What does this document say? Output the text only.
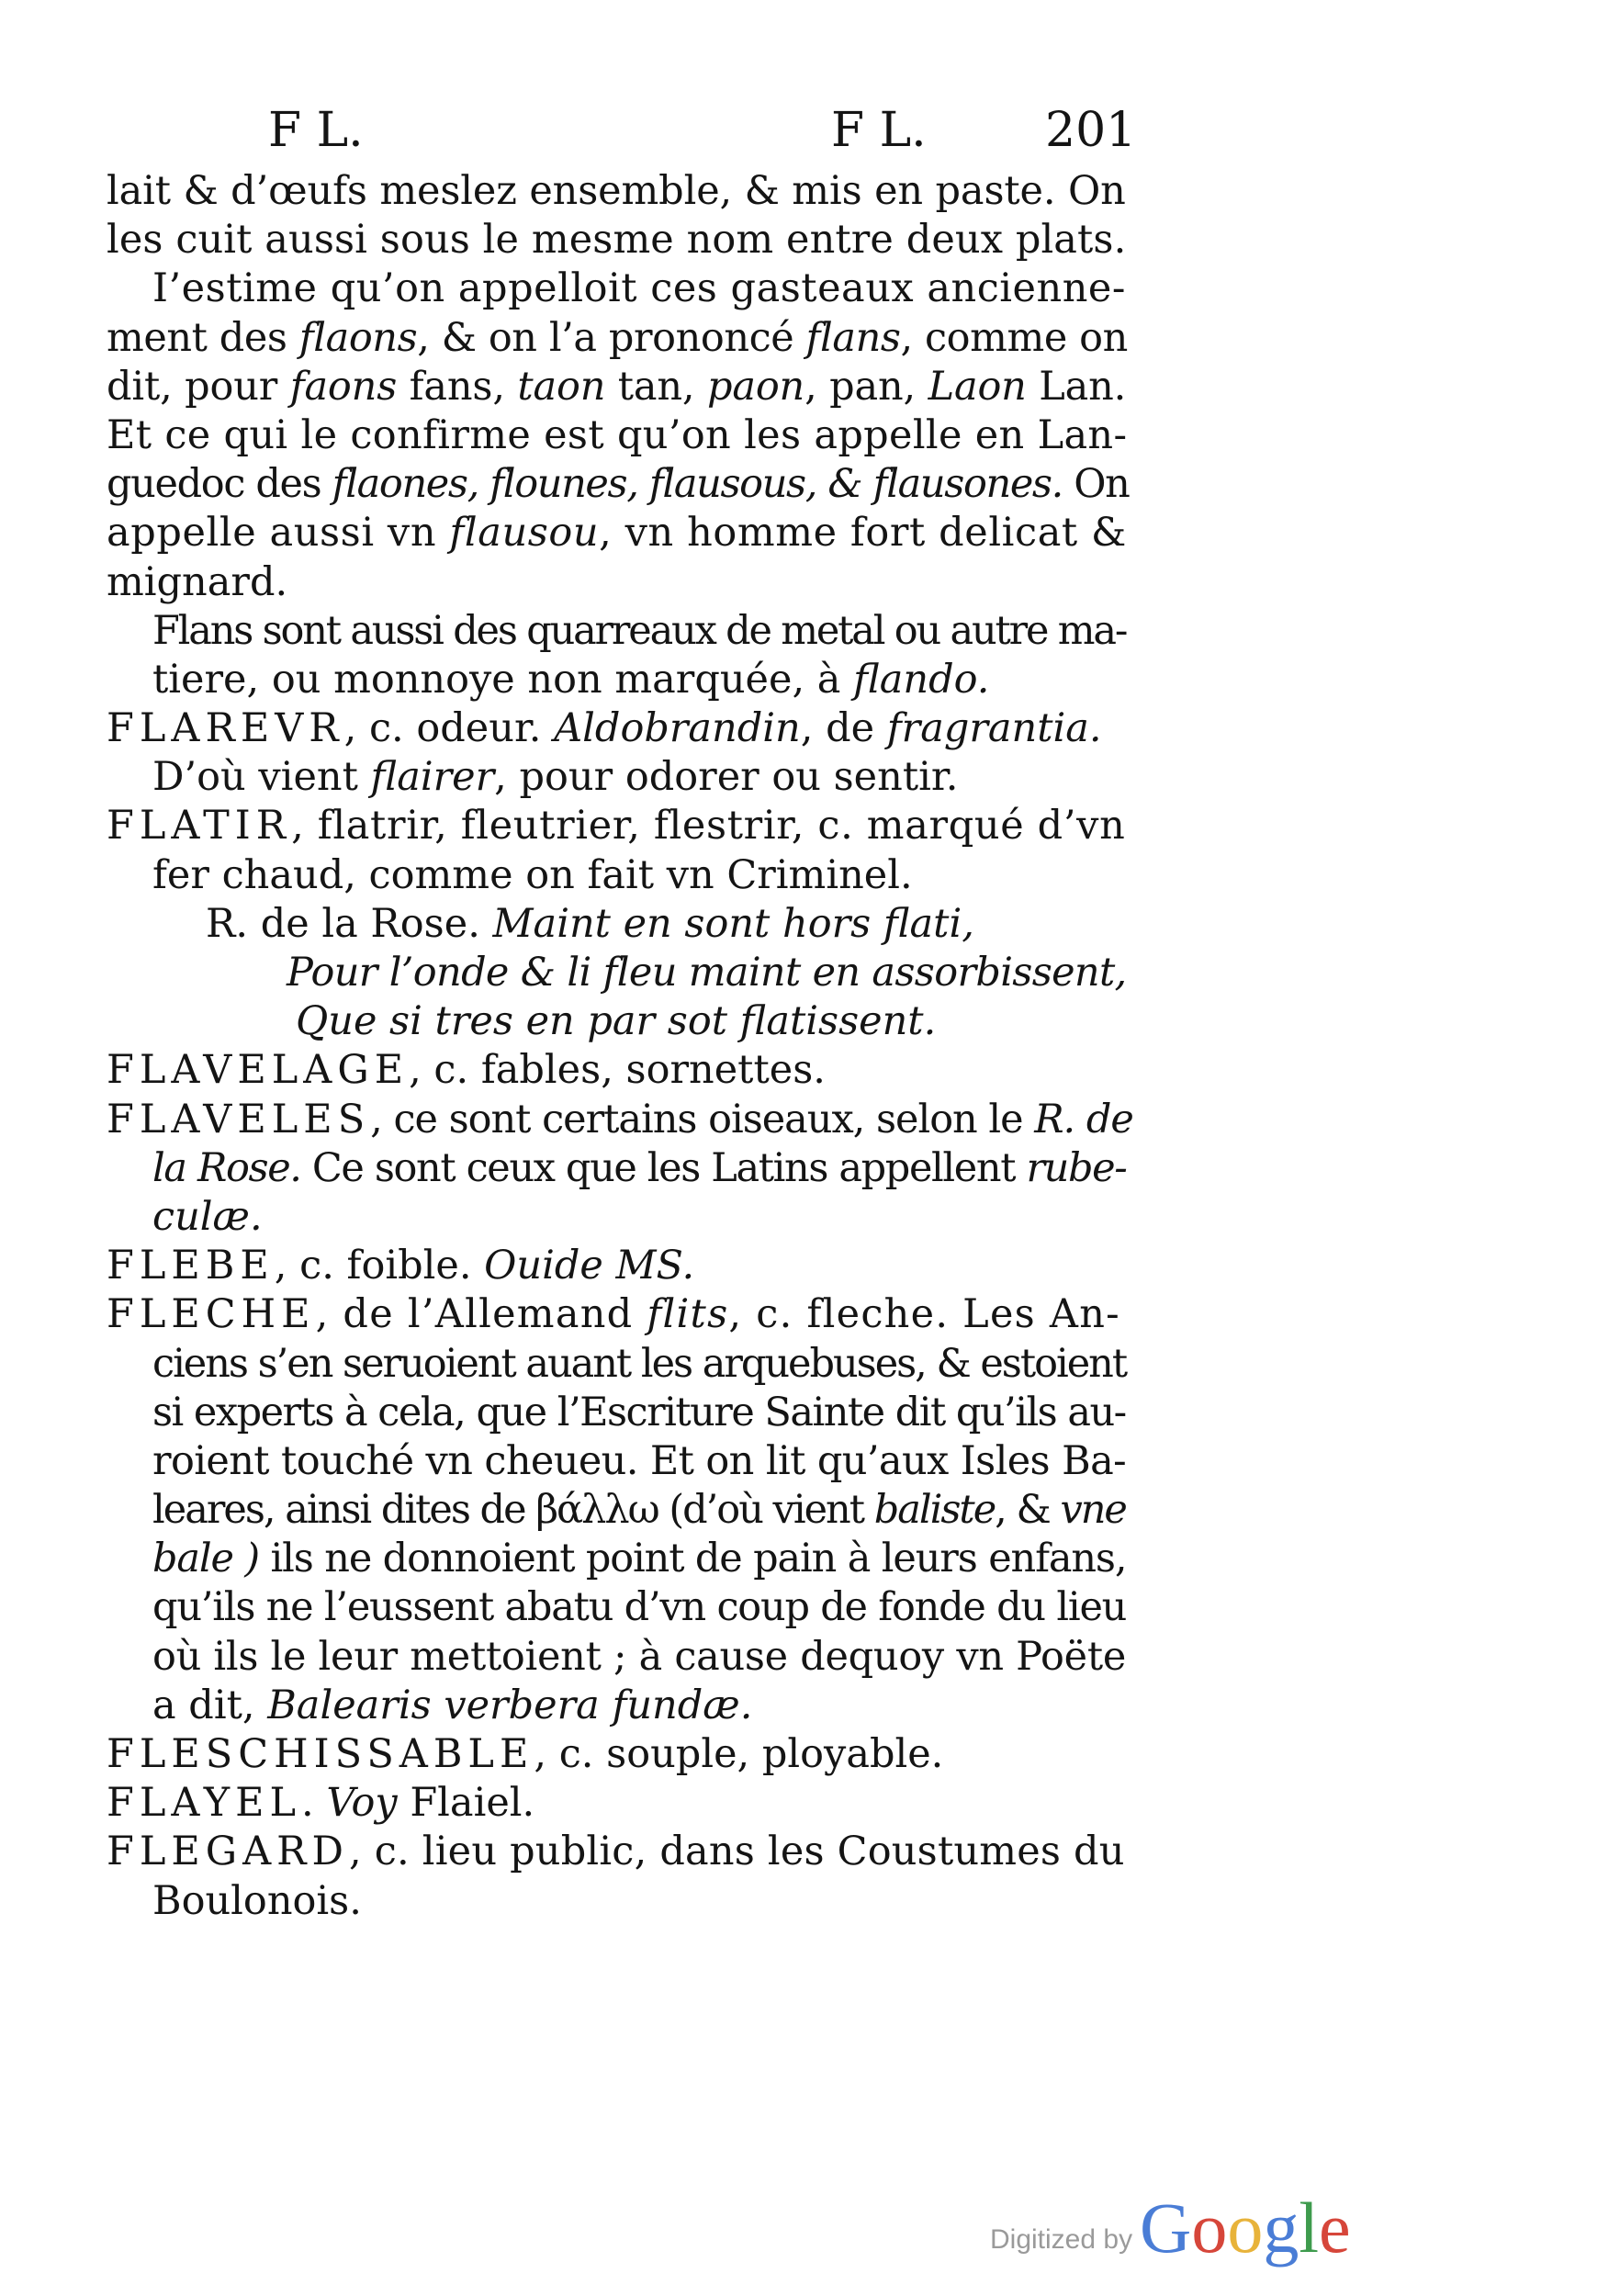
F L.	F L. 201
lait & d’œufs meslez ensemble, & mis en paste. On
les cuit aussi sous le mesme nom entre deux plats.
I’estime qu’on appelloit ces gasteaux ancienne-
ment des flaons, & on l’a prononcé flans, comme on
dit, pour faons fans, taon tan, paon, pan, Laon Lan.
Et ce qui le confirme est qu’on les appelle en Lan-
guedoc des flaones, flounes, flausous, & flausones. On
appelle aussi vn flausou, vn homme fort delicat &
mignard.
Flans sont aussi des quarreaux de metal ou autre ma-
tiere, ou monnoye non marquée, à flando.
FLAREVR, c. odeur. Aldobrandin, de fragrantia.
D’où vient flairer, pour odorer ou sentir.
FLATIR, flatrir, fleutrier, flestrir, c. marqué d’vn
fer chaud, comme on fait vn Criminel.
R. de la Rose. Maint en sont hors flati,
Pour l’onde & li fleu maint en assorbissent,
Que si tres en par sot flatissent.
FLAVELAGE, c. fables, sornettes.
FLAVELES, ce sont certains oiseaux, selon le R. de
la Rose. Ce sont ceux que les Latins appellent rube-
culæ.
FLEBE, c. foible. Ouide MS.
FLECHE, de l’Allemand flits, c. fleche. Les An-
ciens s’en seruoient auant les arquebuses, & estoient
si experts à cela, que l’Escriture Sainte dit qu’ils au-
roient touché vn cheueu. Et on lit qu’aux Isles Ba-
leares, ainsi dites de βάλλω (d’où vient baliste, & vne
bale ) ils ne donnoient point de pain à leurs enfans,
qu’ils ne l’eussent abatu d’vn coup de fonde du lieu
où ils le leur mettoient ; à cause dequoy vn Poëte
a dit, Balearis verbera fundæ.
FLESCHISSABLE, c. souple, ployable.
FLAYEL. Voy Flaiel.
FLEGARD, c. lieu public, dans les Coustumes du
Boulonois.
Digitized by Google
